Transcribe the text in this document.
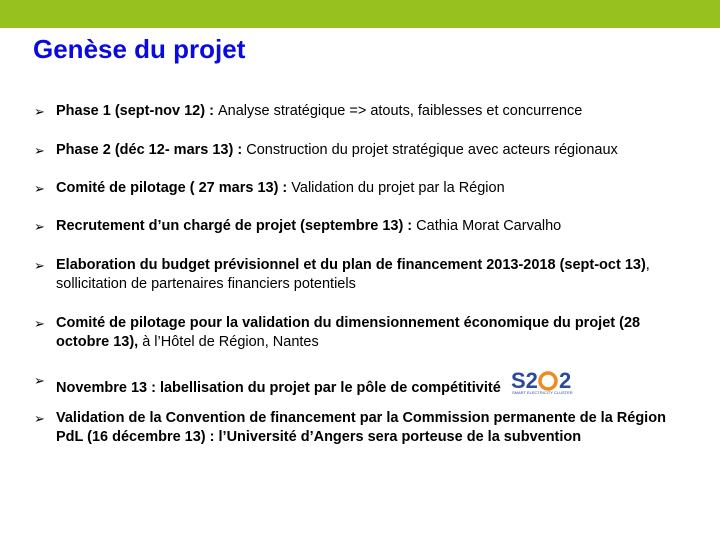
Genèse du projet
➢ Phase 1 (sept-nov 12) : Analyse stratégique => atouts, faiblesses et concurrence
➢ Phase 2 (déc 12- mars 13) : Construction du projet stratégique avec acteurs régionaux
➢ Comité de pilotage ( 27 mars 13) : Validation du projet par la Région
➢ Recrutement d’un chargé de projet (septembre 13) : Cathia Morat Carvalho
➢ Elaboration du budget prévisionnel et du plan de financement 2013-2018 (sept-oct 13), sollicitation de partenaires financiers potentiels
➢ Comité de pilotage pour la validation du dimensionnement économique du projet (28 octobre 13), à l’Hôtel de Région, Nantes
➢ Novembre 13 : labellisation du projet par le pôle de compétitivité S2 2
SMART ELECTRICITY CLUSTER
➢ Validation de la Convention de financement par la Commission permanente de la Région PdL (16 décembre 13) : l’Université d’Angers sera porteuse de la subvention
